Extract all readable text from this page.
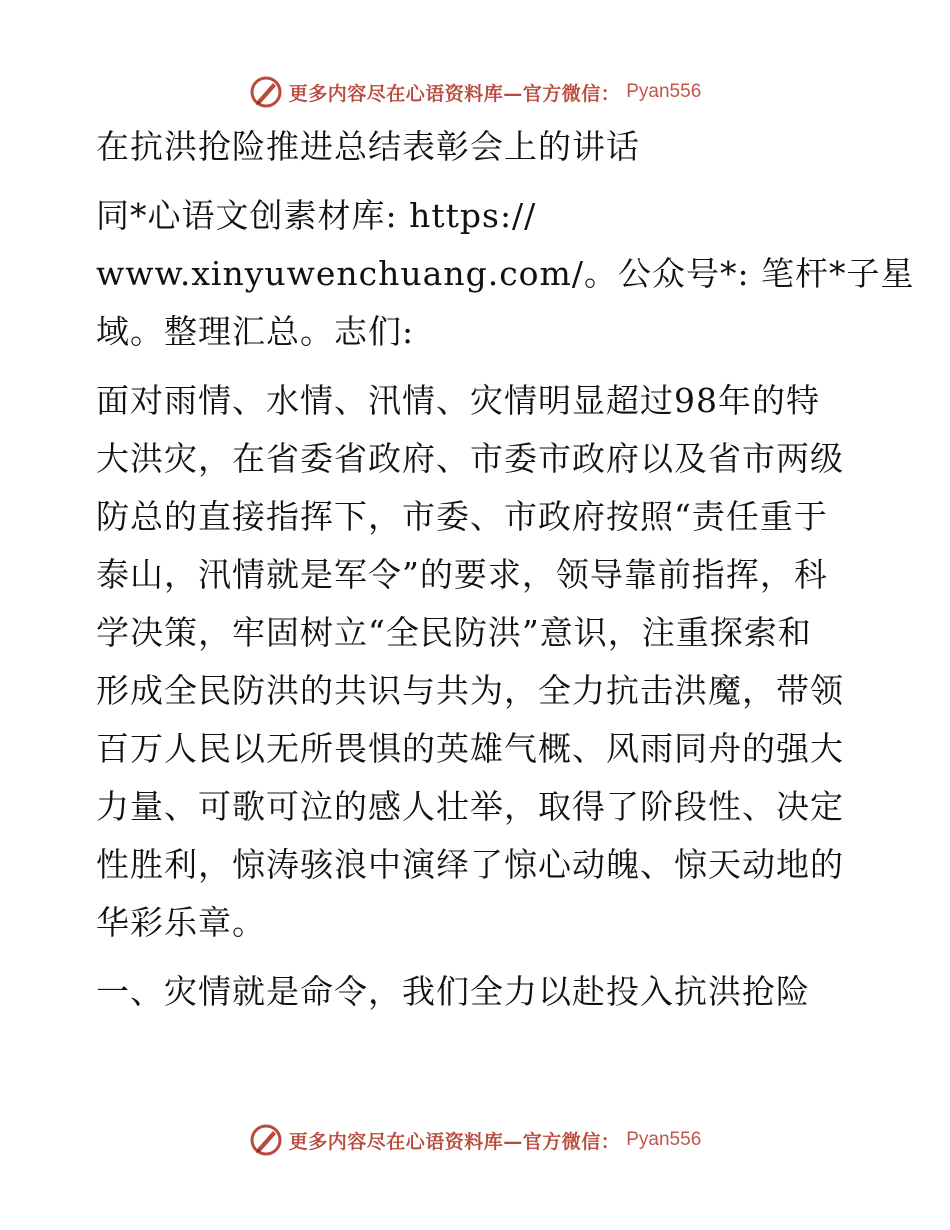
更多内容尽在心语资料库—官方微信： Pyan556
在抗洪抢险推进总结表彰会上的讲话
同*心语文创素材库: https://
www.xinyuwenchuang.com/。公众号*: 笔杆*子星
域。整理汇总。志们:
面对雨情、水情、汛情、灾情明显超过98年的特
大洪灾，在省委省政府、市委市政府以及省市两级
防总的直接指挥下，市委、市政府按照“责任重于
泰山，汛情就是军令”的要求，领导靠前指挥，科
学决策，牢固树立“全民防洪”意识，注重探索和
形成全民防洪的共识与共为，全力抗击洪魔，带领
百万人民以无所畏惧的英雄气概、风雨同舟的强大
力量、可歌可泣的感人壮举，取得了阶段性、决定
性胜利，惊涛骇浪中演绎了惊心动魄、惊天动地的
华彩乐章。
一、灾情就是命令，我们全力以赴投入抗洪抢险
更多内容尽在心语资料库—官方微信： Pyan556
